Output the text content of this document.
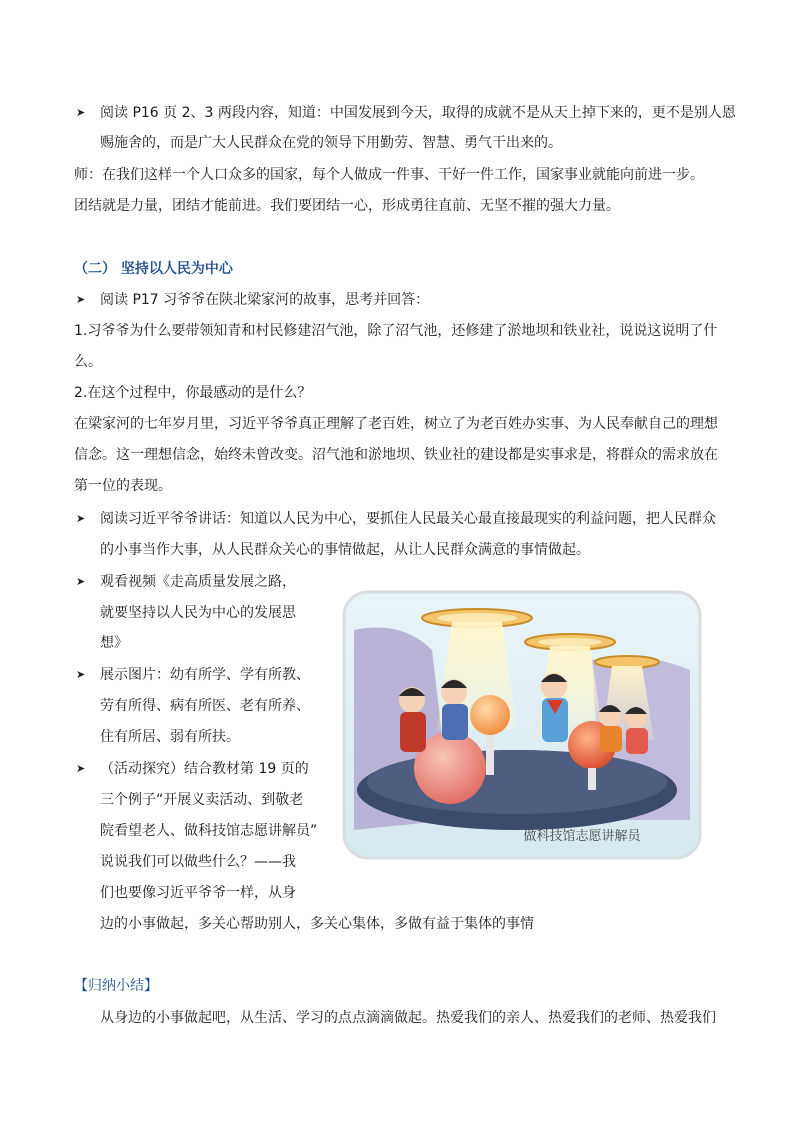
➤ 阅读 P16 页 2、3 两段内容，知道：中国发展到今天，取得的成就不是从天上掉下来的，更不是别人恩
赐施舍的，而是广大人民群众在党的领导下用勤劳、智慧、勇气干出来的。
师：在我们这样一个人口众多的国家，每个人做成一件事、干好一件工作，国家事业就能向前进一步。
团结就是力量，团结才能前进。我们要团结一心，形成勇往直前、无坚不摧的强大力量。
（二） 坚持以人民为中心
➤ 阅读 P17 习爷爷在陕北梁家河的故事，思考并回答：
1.习爷爷为什么要带领知青和村民修建沼气池，除了沼气池，还修建了淤地坝和铁业社，说说这说明了什
么。
2.在这个过程中，你最感动的是什么？
在梁家河的七年岁月里，习近平爷爷真正理解了老百姓，树立了为老百姓办实事、为人民奉献自己的理想
信念。这一理想信念，始终未曾改变。沼气池和淤地坝、铁业社的建设都是实事求是，将群众的需求放在
第一位的表现。
➤ 阅读习近平爷爷讲话：知道以人民为中心，要抓住人民最关心最直接最现实的利益问题，把人民群众
的小事当作大事，从人民群众关心的事情做起，从让人民群众满意的事情做起。
➤ 观看视频《走高质量发展之路，
就要坚持以人民为中心的发展思
想》
➤ 展示图片：幼有所学、学有所教、
劳有所得、病有所医、老有所养、
住有所居、弱有所扶。
➤ （活动探究）结合教材第 19 页的
三个例子“开展义卖活动、到敬老
院看望老人、做科技馆志愿讲解员”
说说我们可以做些什么？——我
们也要像习近平爷爷一样，从身
边的小事做起，多关心帮助别人，多关心集体，多做有益于集体的事情
【归纳小结】
从身边的小事做起吧，从生活、学习的点点滴滴做起。热爱我们的亲人、热爱我们的老师、热爱我们
做科技馆志愿讲解员
